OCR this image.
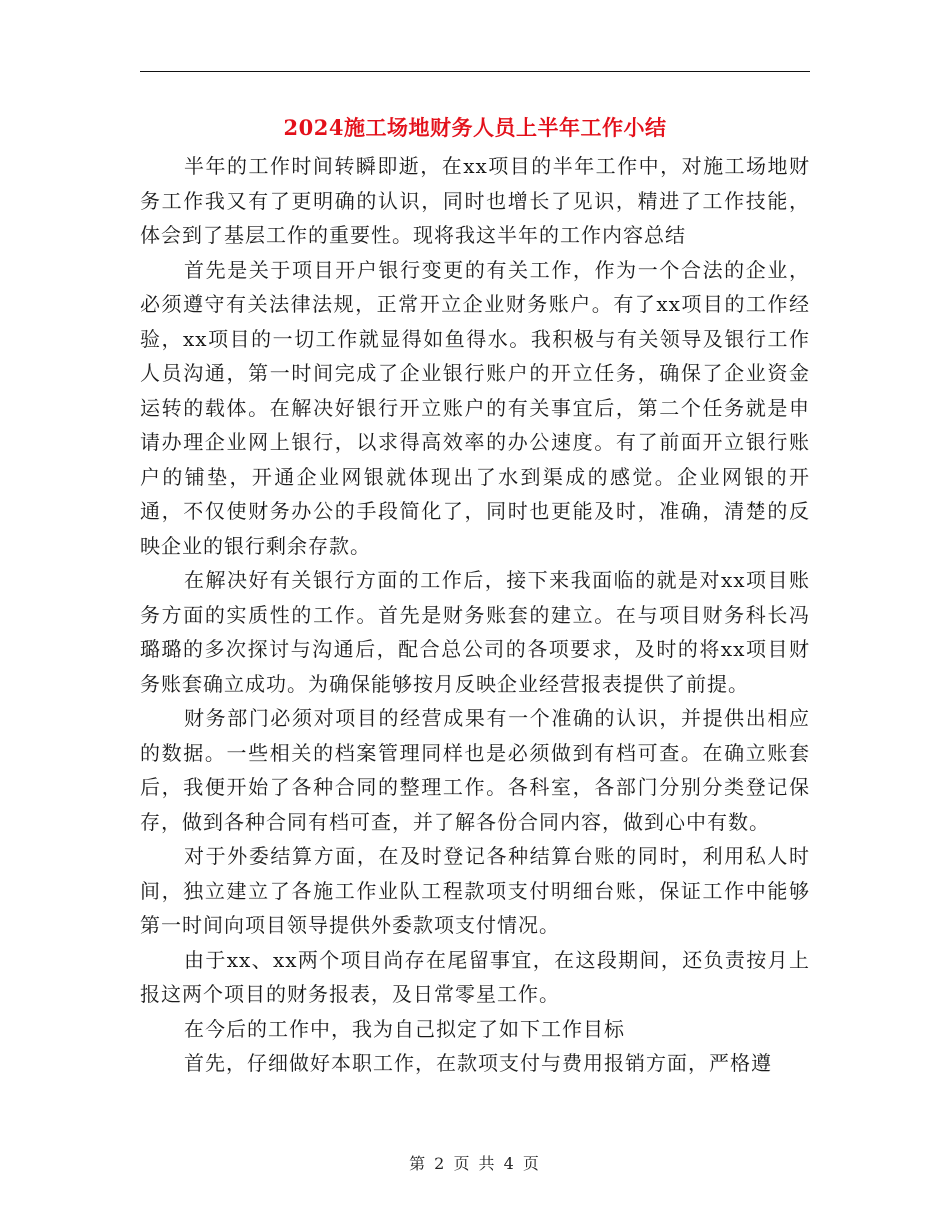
2024施工场地财务人员上半年工作小结

半年的工作时间转瞬即逝，在xx项目的半年工作中，对施工场地财务工作我又有了更明确的认识，同时也增长了见识，精进了工作技能，体会到了基层工作的重要性。现将我这半年的工作内容总结

首先是关于项目开户银行变更的有关工作，作为一个合法的企业，必须遵守有关法律法规，正常开立企业财务账户。有了xx项目的工作经验，xx项目的一切工作就显得如鱼得水。我积极与有关领导及银行工作人员沟通，第一时间完成了企业银行账户的开立任务，确保了企业资金运转的载体。在解决好银行开立账户的有关事宜后，第二个任务就是申请办理企业网上银行，以求得高效率的办公速度。有了前面开立银行账户的铺垫，开通企业网银就体现出了水到渠成的感觉。企业网银的开通，不仅使财务办公的手段简化了，同时也更能及时，准确，清楚的反映企业的银行剩余存款。

在解决好有关银行方面的工作后，接下来我面临的就是对xx项目账务方面的实质性的工作。首先是财务账套的建立。在与项目财务科长冯璐璐的多次探讨与沟通后，配合总公司的各项要求，及时的将xx项目财务账套确立成功。为确保能够按月反映企业经营报表提供了前提。

财务部门必须对项目的经营成果有一个准确的认识，并提供出相应的数据。一些相关的档案管理同样也是必须做到有档可查。在确立账套后，我便开始了各种合同的整理工作。各科室，各部门分别分类登记保存，做到各种合同有档可查，并了解各份合同内容，做到心中有数。

对于外委结算方面，在及时登记各种结算台账的同时，利用私人时间，独立建立了各施工作业队工程款项支付明细台账，保证工作中能够第一时间向项目领导提供外委款项支付情况。

由于xx、xx两个项目尚存在尾留事宜，在这段期间，还负责按月上报这两个项目的财务报表，及日常零星工作。

在今后的工作中，我为自己拟定了如下工作目标

首先，仔细做好本职工作，在款项支付与费用报销方面，严格遵

第 2 页 共 4 页
